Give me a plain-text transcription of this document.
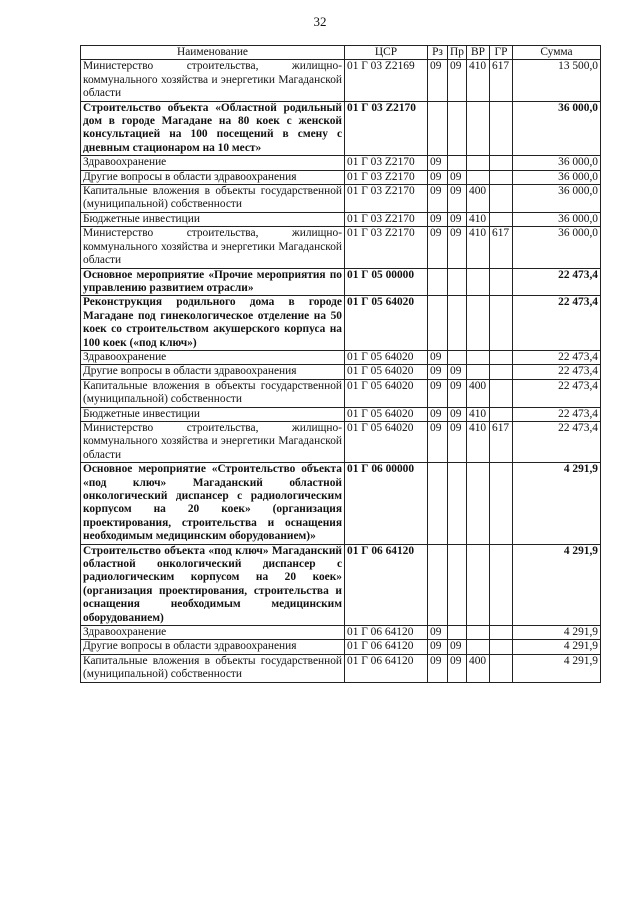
32
Наименование	ЦСР	Рз	Пр	ВР	ГР	Сумма
Министерство строительства, жилищно-коммунального хозяйства и энергетики Магаданской области	01 Г 03 Z2169	09	09	410	617	13 500,0
Строительство объекта «Областной родильный дом в городе Магадане на 80 коек с женской консультацией на 100 посещений в смену с дневным стационаром на 10 мест»	01 Г 03 Z2170					36 000,0
Здравоохранение	01 Г 03 Z2170	09				36 000,0
Другие вопросы в области здравоохранения	01 Г 03 Z2170	09	09			36 000,0
Капитальные вложения в объекты государственной (муниципальной) собственности	01 Г 03 Z2170	09	09	400		36 000,0
Бюджетные инвестиции	01 Г 03 Z2170	09	09	410		36 000,0
Министерство строительства, жилищно-коммунального хозяйства и энергетики Магаданской области	01 Г 03 Z2170	09	09	410	617	36 000,0
Основное мероприятие «Прочие мероприятия по управлению развитием отрасли»	01 Г 05 00000					22 473,4
Реконструкция родильного дома в городе Магадане под гинекологическое отделение на 50 коек со строительством акушерского корпуса на 100 коек («под ключ»)	01 Г 05 64020					22 473,4
Здравоохранение	01 Г 05 64020	09				22 473,4
Другие вопросы в области здравоохранения	01 Г 05 64020	09	09			22 473,4
Капитальные вложения в объекты государственной (муниципальной) собственности	01 Г 05 64020	09	09	400		22 473,4
Бюджетные инвестиции	01 Г 05 64020	09	09	410		22 473,4
Министерство строительства, жилищно-коммунального хозяйства и энергетики Магаданской области	01 Г 05 64020	09	09	410	617	22 473,4
Основное мероприятие «Строительство объекта «под ключ» Магаданский областной онкологический диспансер с радиологическим корпусом на 20 коек» (организация проектирования, строительства и оснащения необходимым медицинским оборудованием)»	01 Г 06 00000					4 291,9
Строительство объекта «под ключ» Магаданский областной онкологический диспансер с радиологическим корпусом на 20 коек» (организация проектирования, строительства и оснащения необходимым медицинским оборудованием)	01 Г 06 64120					4 291,9
Здравоохранение	01 Г 06 64120	09				4 291,9
Другие вопросы в области здравоохранения	01 Г 06 64120	09	09			4 291,9
Капитальные вложения в объекты государственной (муниципальной) собственности	01 Г 06 64120	09	09	400		4 291,9
